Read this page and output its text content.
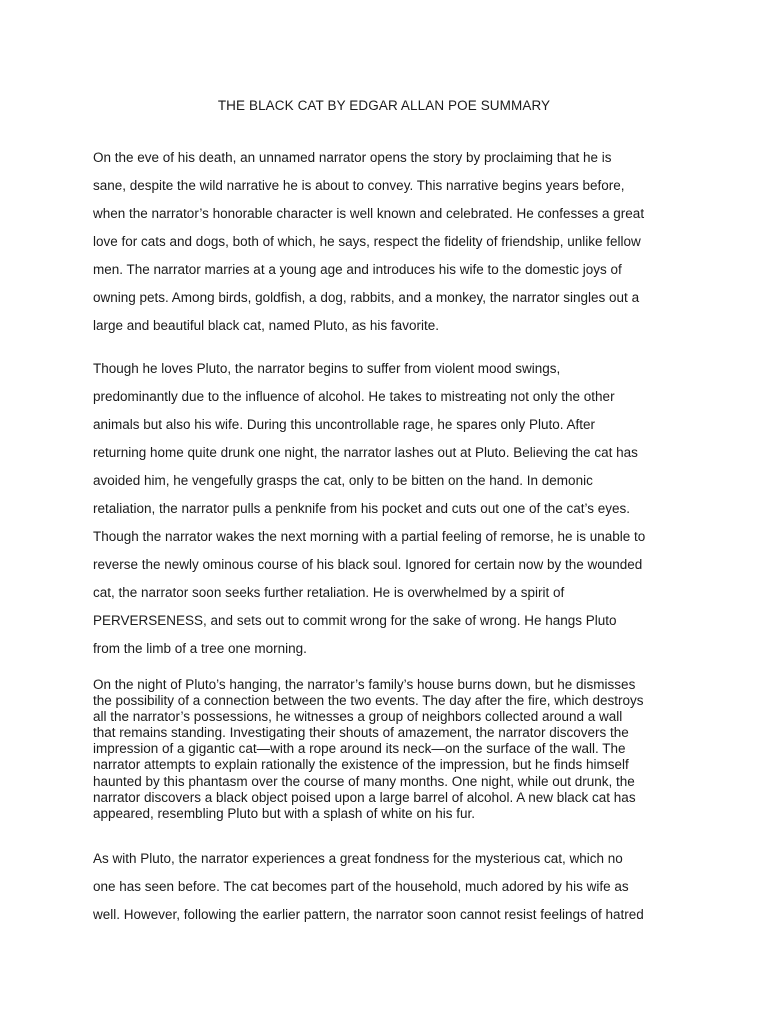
THE BLACK CAT BY EDGAR ALLAN POE SUMMARY

On the eve of his death, an unnamed narrator opens the story by proclaiming that he is
sane, despite the wild narrative he is about to convey. This narrative begins years before,
when the narrator’s honorable character is well known and celebrated. He confesses a great
love for cats and dogs, both of which, he says, respect the fidelity of friendship, unlike fellow
men. The narrator marries at a young age and introduces his wife to the domestic joys of
owning pets. Among birds, goldfish, a dog, rabbits, and a monkey, the narrator singles out a
large and beautiful black cat, named Pluto, as his favorite.

Though he loves Pluto, the narrator begins to suffer from violent mood swings,
predominantly due to the influence of alcohol. He takes to mistreating not only the other
animals but also his wife. During this uncontrollable rage, he spares only Pluto. After
returning home quite drunk one night, the narrator lashes out at Pluto. Believing the cat has
avoided him, he vengefully grasps the cat, only to be bitten on the hand. In demonic
retaliation, the narrator pulls a penknife from his pocket and cuts out one of the cat’s eyes.
Though the narrator wakes the next morning with a partial feeling of remorse, he is unable to
reverse the newly ominous course of his black soul. Ignored for certain now by the wounded
cat, the narrator soon seeks further retaliation. He is overwhelmed by a spirit of
PERVERSENESS, and sets out to commit wrong for the sake of wrong. He hangs Pluto
from the limb of a tree one morning.

On the night of Pluto’s hanging, the narrator’s family’s house burns down, but he dismisses
the possibility of a connection between the two events. The day after the fire, which destroys
all the narrator’s possessions, he witnesses a group of neighbors collected around a wall
that remains standing. Investigating their shouts of amazement, the narrator discovers the
impression of a gigantic cat—with a rope around its neck—on the surface of the wall. The
narrator attempts to explain rationally the existence of the impression, but he finds himself
haunted by this phantasm over the course of many months. One night, while out drunk, the
narrator discovers a black object poised upon a large barrel of alcohol. A new black cat has
appeared, resembling Pluto but with a splash of white on his fur.

As with Pluto, the narrator experiences a great fondness for the mysterious cat, which no
one has seen before. The cat becomes part of the household, much adored by his wife as
well. However, following the earlier pattern, the narrator soon cannot resist feelings of hatred
